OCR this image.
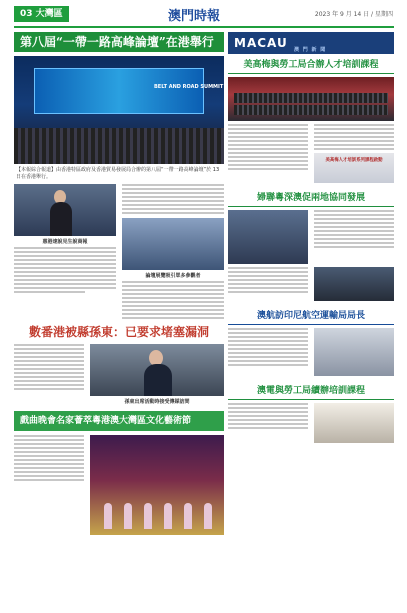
03 大灣區	澳門時報	2023 年 9 月 14 日 / 星期四
第八屆“一帶一路高峰論壇”在港舉行
BELT AND ROAD SUMMIT
【本報綜合報道】由香港特區政府及香港貿易發展局合辦的第八屆“一帶一路高峰論壇”於 13 日在香港舉行。
惠港速說見生說商報
論壇展覽吸引眾多參觀者
數番港被縣孫東：已要求堵塞漏洞
孫東出席活動時接受傳媒訪問
戲曲晚會名家薈萃粵港澳大灣區文化藝術節
MACAU 澳 門 新 聞
美高梅與勞工局合辦人才培訓課程
美高梅人才培訓系列課程啟動
婦聯粵深澳促兩地協同發展
澳航訪印尼航空運輸局局長
澳電與勞工局續辦培訓課程
